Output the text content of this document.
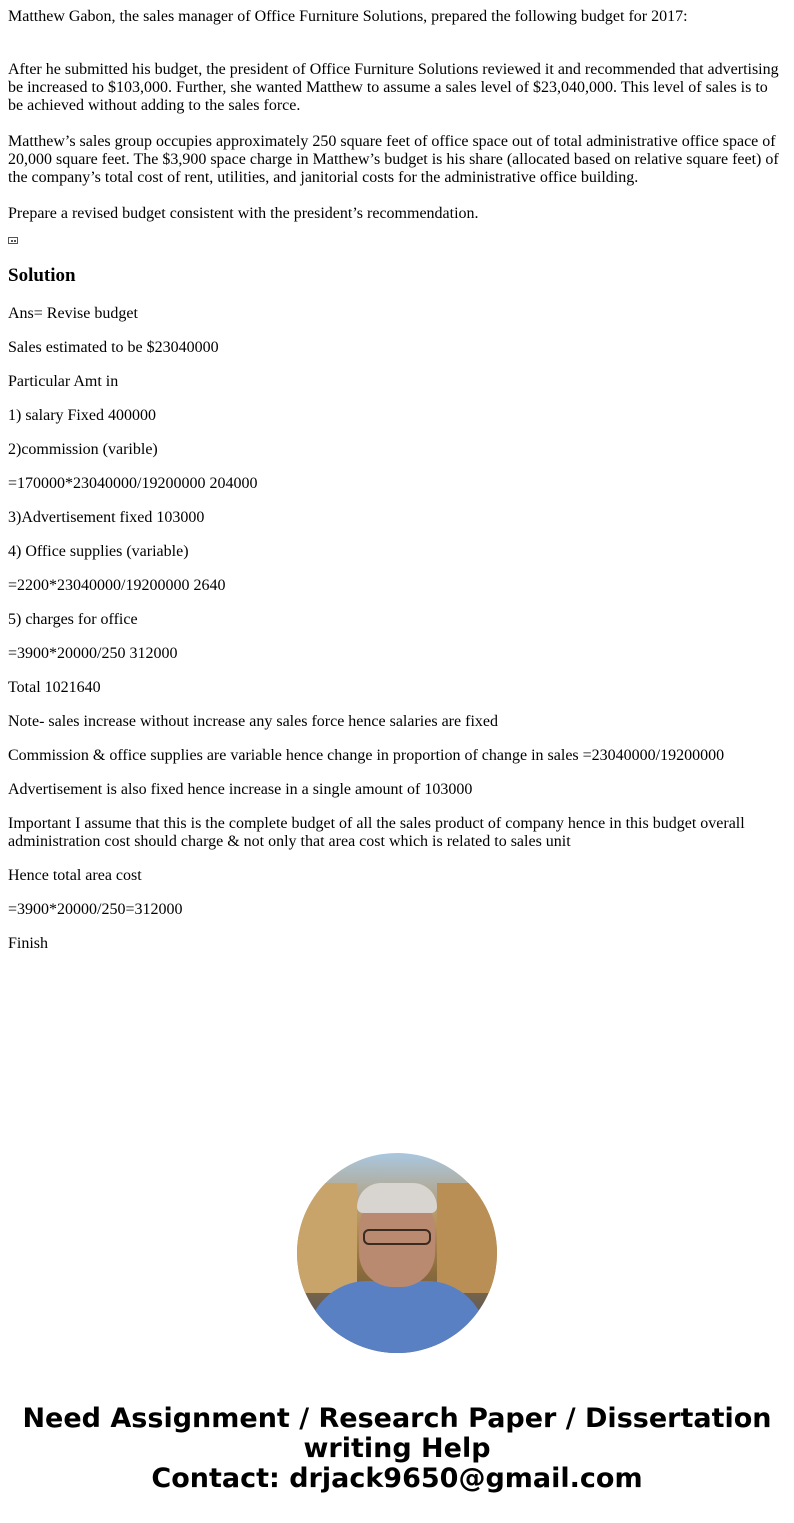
Matthew Gabon, the sales manager of Office Furniture Solutions, prepared the following budget for 2017:

After he submitted his budget, the president of Office Furniture Solutions reviewed it and recommended that advertising be increased to $103,000. Further, she wanted Matthew to assume a sales level of $23,040,000. This level of sales is to be achieved without adding to the sales force.

Matthew’s sales group occupies approximately 250 square feet of office space out of total administrative office space of 20,000 square feet. The $3,900 space charge in Matthew’s budget is his share (allocated based on relative square feet) of the company’s total cost of rent, utilities, and janitorial costs for the administrative office building.

Prepare a revised budget consistent with the president’s recommendation.

Solution

Ans= Revise budget

Sales estimated to be $23040000

Particular Amt in

1) salary Fixed 400000

2)commission (varible)

=170000*23040000/19200000 204000

3)Advertisement fixed 103000

4) Office supplies (variable)

=2200*23040000/19200000 2640

5) charges for office

=3900*20000/250 312000

Total 1021640

Note- sales increase without increase any sales force hence salaries are fixed

Commission & office supplies are variable hence change in proportion of change in sales =23040000/19200000

Advertisement is also fixed hence increase in a single amount of 103000

Important I assume that this is the complete budget of all the sales product of company hence in this budget overall administration cost should charge & not only that area cost which is related to sales unit

Hence total area cost

=3900*20000/250=312000

Finish

Need Assignment / Research Paper / Dissertation
writing Help
Contact: drjack9650@gmail.com
